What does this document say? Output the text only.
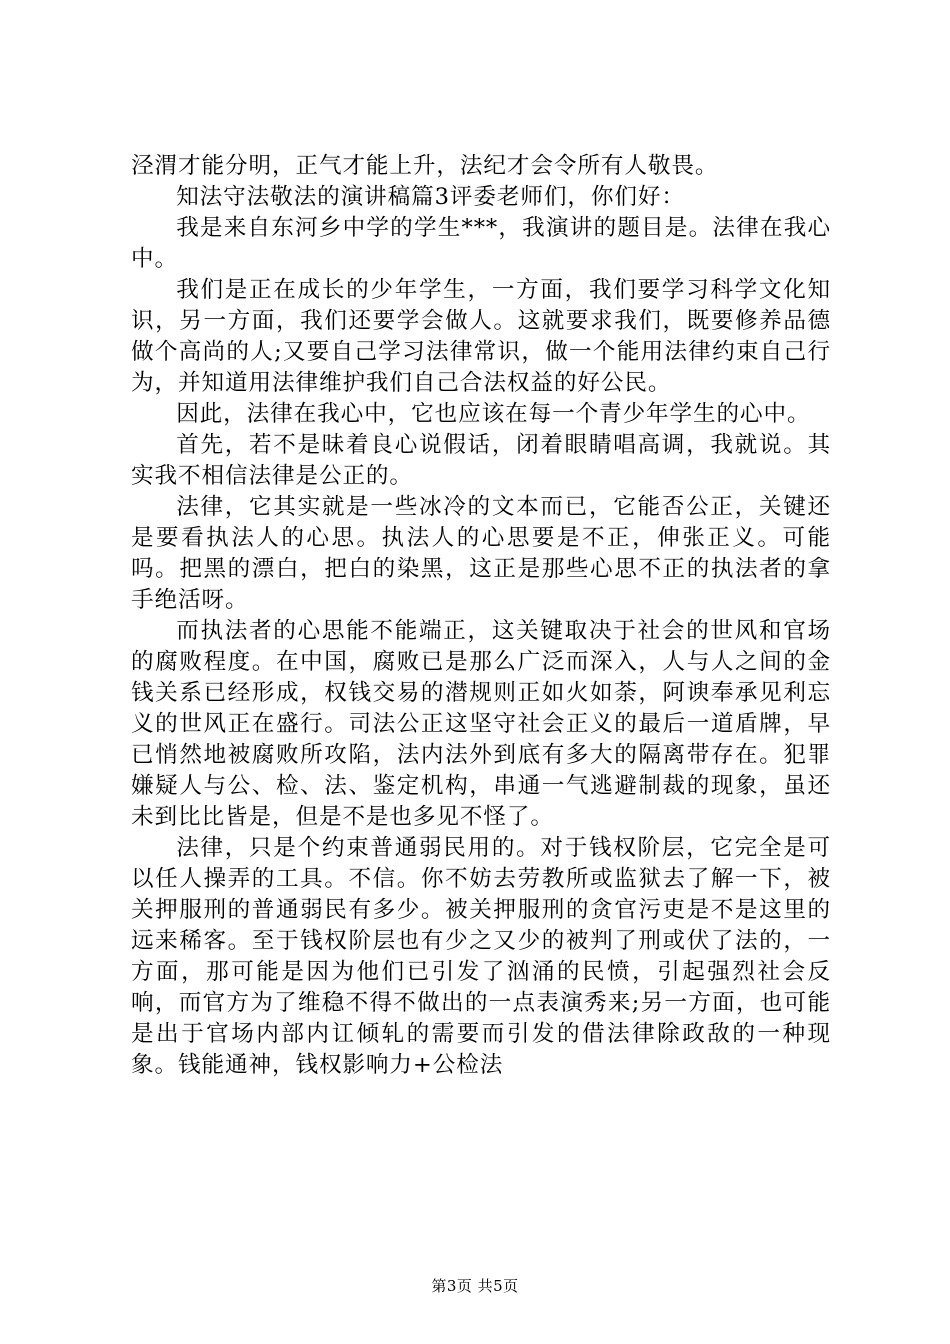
泾渭才能分明，正气才能上升，法纪才会令所有人敬畏。

知法守法敬法的演讲稿篇3评委老师们，你们好：

我是来自东河乡中学的学生***，我演讲的题目是。法律在我心中。

我们是正在成长的少年学生，一方面，我们要学习科学文化知识，另一方面，我们还要学会做人。这就要求我们，既要修养品德做个高尚的人;又要自己学习法律常识，做一个能用法律约束自己行为，并知道用法律维护我们自己合法权益的好公民。

因此，法律在我心中，它也应该在每一个青少年学生的心中。

首先，若不是昧着良心说假话，闭着眼睛唱高调，我就说。其实我不相信法律是公正的。

法律，它其实就是一些冰冷的文本而已，它能否公正，关键还是要看执法人的心思。执法人的心思要是不正，伸张正义。可能吗。把黑的漂白，把白的染黑，这正是那些心思不正的执法者的拿手绝活呀。

而执法者的心思能不能端正，这关键取决于社会的世风和官场的腐败程度。在中国，腐败已是那么广泛而深入，人与人之间的金钱关系已经形成，权钱交易的潜规则正如火如荼，阿谀奉承见利忘义的世风正在盛行。司法公正这坚守社会正义的最后一道盾牌，早已悄然地被腐败所攻陷，法内法外到底有多大的隔离带存在。犯罪嫌疑人与公、检、法、鉴定机构，串通一气逃避制裁的现象，虽还未到比比皆是，但是不是也多见不怪了。

法律，只是个约束普通弱民用的。对于钱权阶层，它完全是可以任人操弄的工具。不信。你不妨去劳教所或监狱去了解一下，被关押服刑的普通弱民有多少。被关押服刑的贪官污吏是不是这里的远来稀客。至于钱权阶层也有少之又少的被判了刑或伏了法的，一方面，那可能是因为他们已引发了汹涌的民愤，引起强烈社会反响，而官方为了维稳不得不做出的一点表演秀来;另一方面，也可能是出于官场内部内讧倾轧的需要而引发的借法律除政敌的一种现象。钱能通神，钱权影响力+公检法

第3页 共5页
